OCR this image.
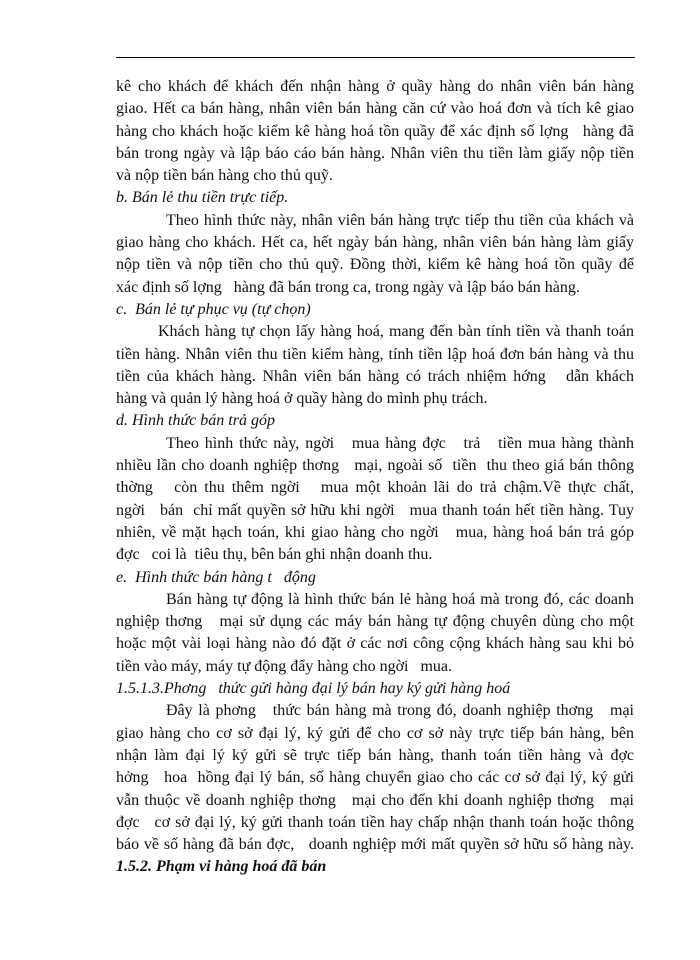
kê cho khách để khách đến nhận hàng ở quầy hàng do nhân viên bán hàng
giao. Hết ca bán hàng, nhân viên bán hàng căn cứ vào hoá đơn và tích kê giao
hàng cho khách hoặc kiểm kê hàng hoá tồn quầy để xác định số lợng   hàng đã
bán trong ngày và lập báo cáo bán hàng. Nhân viên thu tiền làm giấy nộp tiền
và nộp tiền bán hàng cho thủ quỹ.
b. Bán lẻ thu tiền trực tiếp.
Theo hình thức này, nhân viên bán hàng trực tiếp thu tiền của khách và
giao hàng cho khách. Hết ca, hết ngày bán hàng, nhân viên bán hàng làm giấy
nộp tiền và nộp tiền cho thủ quỹ. Đồng thời, kiểm kê hàng hoá tồn quầy để
xác định số lợng   hàng đã bán trong ca, trong ngày và lập báo bán hàng.
c.  Bán lẻ tự phục vụ (tự chọn)
Khách hàng tự chọn lấy hàng hoá, mang đến bàn tính tiền và thanh toán
tiền hàng. Nhân viên thu tiền kiểm hàng, tính tiền lập hoá đơn bán hàng và thu
tiền của khách hàng. Nhân viên bán hàng có trách nhiệm hớng   dẫn khách
hàng và quản lý hàng hoá ở quầy hàng do mình phụ trách.
d. Hình thức bán trả góp
Theo hình thức này, ngời   mua hàng đợc   trả   tiền mua hàng thành
nhiều lần cho doanh nghiệp thơng   mại, ngoài số  tiền  thu theo giá bán thông
thờng   còn thu thêm ngời   mua một khoản lãi do trả chậm.Về thực chất,
ngời   bán  chỉ mất quyền sở hữu khi ngời   mua thanh toán hết tiền hàng. Tuy
nhiên, về mặt hạch toán, khi giao hàng cho ngời   mua, hàng hoá bán trả góp
đợc   coi là  tiêu thụ, bên bán ghi nhận doanh thu.
e.  Hình thức bán hàng t   động
Bán hàng tự động là hình thức bán lẻ hàng hoá mà trong đó, các doanh
nghiệp thơng   mại sử dụng các máy bán hàng tự động chuyên dùng cho một
hoặc một vài loại hàng nào đó đặt ở các nơi công cộng khách hàng sau khi bỏ
tiền vào máy, máy tự động đẩy hàng cho ngời   mua.
1.5.1.3.Phơng   thức gửi hàng đại lý bán hay ký gửi hàng hoá
Đây là phơng   thức bán hàng mà trong đó, doanh nghiệp thơng   mại
giao hàng cho cơ sở đại lý, ký gửi để cho cơ sở này trực tiếp bán hàng, bên
nhận làm đại lý ký gửi sẽ trực tiếp bán hàng, thanh toán tiền hàng và đợc
hởng   hoa  hồng đại lý bán, số hàng chuyển giao cho các cơ sở đại lý, ký gửi
vẫn thuộc về doanh nghiệp thơng   mại cho đến khi doanh nghiệp thơng   mại
đợc   cơ sở đại lý, ký gửi thanh toán tiền hay chấp nhận thanh toán hoặc thông
báo về số hàng đã bán đợc,   doanh nghiệp mới mất quyền sở hữu số hàng này.
1.5.2. Phạm vi hàng hoá đã bán
